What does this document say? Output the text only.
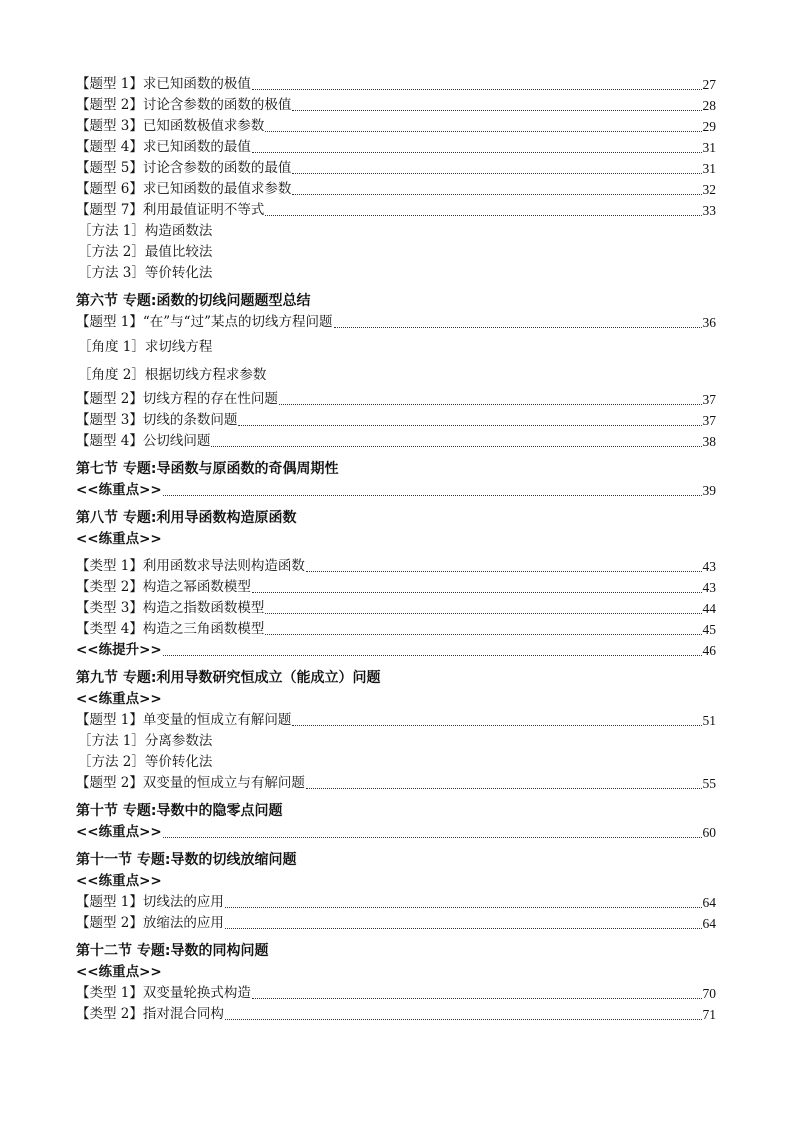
【题型 1】求已知函数的极值	27
【题型 2】讨论含参数的函数的极值	28
【题型 3】已知函数极值求参数	29
【题型 4】求已知函数的最值	31
【题型 5】讨论含参数的函数的最值	31
【题型 6】求已知函数的最值求参数	32
【题型 7】利用最值证明不等式	33
［方法 1］构造函数法
［方法 2］最值比较法
［方法 3］等价转化法
第六节 专题:函数的切线问题题型总结
【题型 1】“在”与“过”某点的切线方程问题	36
［角度 1］求切线方程
［角度 2］根据切线方程求参数
【题型 2】切线方程的存在性问题	37
【题型 3】切线的条数问题	37
【题型 4】公切线问题	38
第七节 专题:导函数与原函数的奇偶周期性
<<练重点>>	39
第八节 专题:利用导函数构造原函数
<<练重点>>
【类型 1】利用函数求导法则构造函数	43
【类型 2】构造之幂函数模型	43
【类型 3】构造之指数函数模型	44
【类型 4】构造之三角函数模型	45
<<练提升>>	46
第九节 专题:利用导数研究恒成立（能成立）问题
<<练重点>>
【题型 1】单变量的恒成立有解问题	51
［方法 1］分离参数法
［方法 2］等价转化法
【题型 2】双变量的恒成立与有解问题	55
第十节 专题:导数中的隐零点问题
<<练重点>>	60
第十一节 专题:导数的切线放缩问题
<<练重点>>
【题型 1】切线法的应用	64
【题型 2】放缩法的应用	64
第十二节 专题:导数的同构问题
<<练重点>>
【类型 1】双变量轮换式构造	70
【类型 2】指对混合同构	71
